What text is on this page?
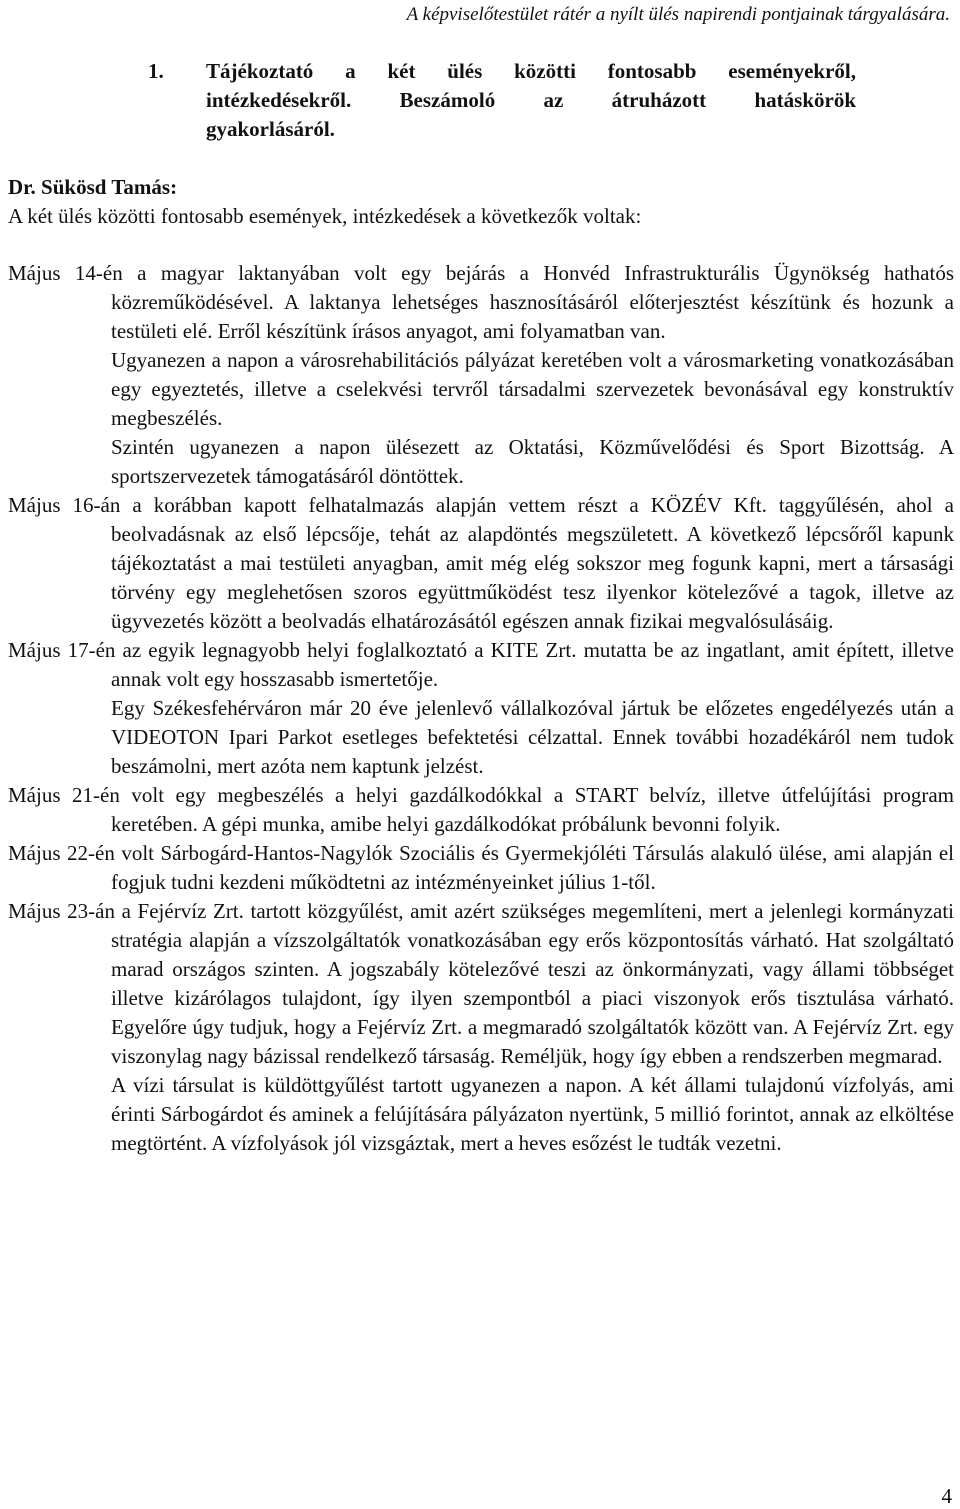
A képviselőtestület rátér a nyílt ülés napirendi pontjainak tárgyalására.
1. Tájékoztató a két ülés közötti fontosabb eseményekről,
intézkedésekről. Beszámoló az átruházott hatáskörök
gyakorlásáról.
Dr. Sükösd Tamás:
A két ülés közötti fontosabb események, intézkedések a következők voltak:

Május 14-én a magyar laktanyában volt egy bejárás a Honvéd Infrastrukturális Ügynökség hathatós közreműködésével. A laktanya lehetséges hasznosításáról előterjesztést készítünk és hozunk a testületi elé. Erről készítünk írásos anyagot, ami folyamatban van.

Ugyanezen a napon a városrehabilitációs pályázat keretében volt a városmarketing vonatkozásában egy egyeztetés, illetve a cselekvési tervről társadalmi szervezetek bevonásával egy konstruktív megbeszélés.

Szintén ugyanezen a napon ülésezett az Oktatási, Közművelődési és Sport Bizottság. A sportszervezetek támogatásáról döntöttek.

Május 16-án a korábban kapott felhatalmazás alapján vettem részt a KÖZÉV Kft. taggyűlésén, ahol a beolvadásnak az első lépcsője, tehát az alapdöntés megszületett. A következő lépcsőről kapunk tájékoztatást a mai testületi anyagban, amit még elég sokszor meg fogunk kapni, mert a társasági törvény egy meglehetősen szoros együttműködést tesz ilyenkor kötelezővé a tagok, illetve az ügyvezetés között a beolvadás elhatározásától egészen annak fizikai megvalósulásáig.

Május 17-én az egyik legnagyobb helyi foglalkoztató a KITE Zrt. mutatta be az ingatlant, amit épített, illetve annak volt egy hosszasabb ismertetője.

Egy Székesfehérváron már 20 éve jelenlevő vállalkozóval jártuk be előzetes engedélyezés után a VIDEOTON Ipari Parkot esetleges befektetési célzattal. Ennek további hozadékáról nem tudok beszámolni, mert azóta nem kaptunk jelzést.

Május 21-én volt egy megbeszélés a helyi gazdálkodókkal a START belvíz, illetve útfelújítási program keretében. A gépi munka, amibe helyi gazdálkodókat próbálunk bevonni folyik.

Május 22-én volt Sárbogárd-Hantos-Nagylók Szociális és Gyermekjóléti Társulás alakuló ülése, ami alapján el fogjuk tudni kezdeni működtetni az intézményeinket július 1-től.

Május 23-án a Fejérvíz Zrt. tartott közgyűlést, amit azért szükséges megemlíteni, mert a jelenlegi kormányzati stratégia alapján a vízszolgáltatók vonatkozásában egy erős központosítás várható. Hat szolgáltató marad országos szinten. A jogszabály kötelezővé teszi az önkormányzati, vagy állami többséget illetve kizárólagos tulajdont, így ilyen szempontból a piaci viszonyok erős tisztulása várható. Egyelőre úgy tudjuk, hogy a Fejérvíz Zrt. a megmaradó szolgáltatók között van. A Fejérvíz Zrt. egy viszonylag nagy bázissal rendelkező társaság. Reméljük, hogy így ebben a rendszerben megmarad.

A vízi társulat is küldöttgyűlést tartott ugyanezen a napon. A két állami tulajdonú vízfolyás, ami érinti Sárbogárdot és aminek a felújítására pályázaton nyertünk, 5 millió forintot, annak az elköltése megtörtént. A vízfolyások jól vizsgáztak, mert a heves esőzést le tudták vezetni.

4
